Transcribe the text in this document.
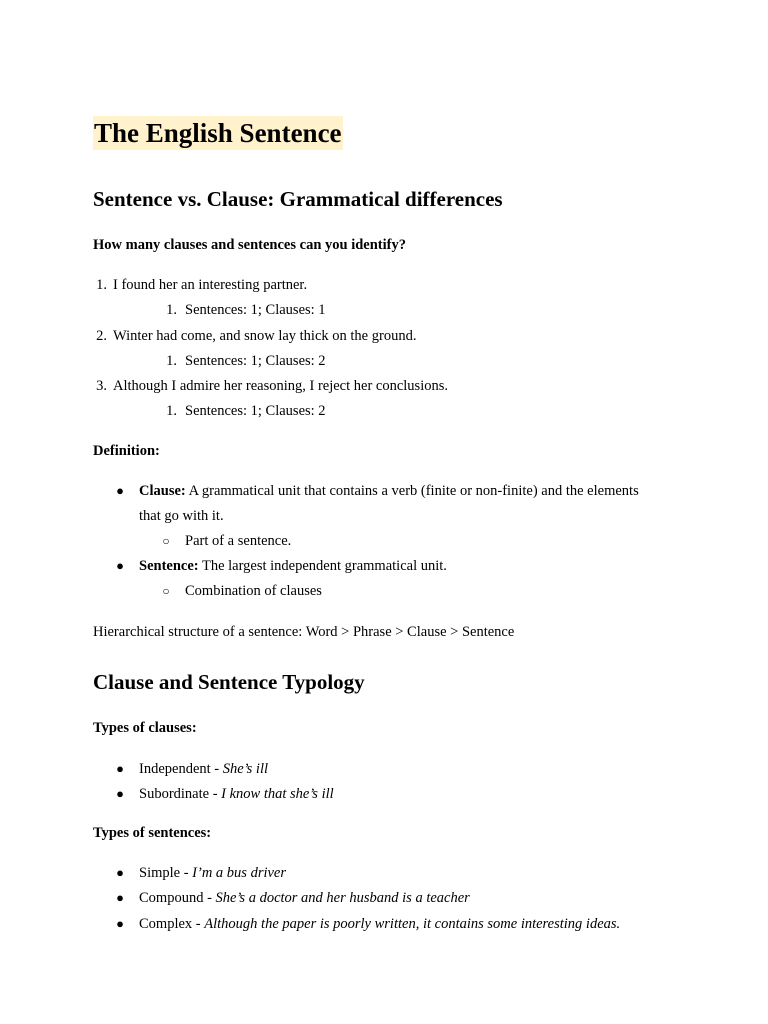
The English Sentence
Sentence vs. Clause: Grammatical differences

How many clauses and sentences can you identify?

1. I found her an interesting partner.
1. Sentences: 1; Clauses: 1
2. Winter had come, and snow lay thick on the ground.
1. Sentences: 1; Clauses: 2
3. Although I admire her reasoning, I reject her conclusions.
1. Sentences: 1; Clauses: 2

Definition:

● Clause: A grammatical unit that contains a verb (finite or non-finite) and the elements
that go with it.
○ Part of a sentence.
● Sentence: The largest independent grammatical unit.
○ Combination of clauses

Hierarchical structure of a sentence: Word > Phrase > Clause > Sentence

Clause and Sentence Typology

Types of clauses:

● Independent - She’s ill
● Subordinate - I know that she’s ill

Types of sentences:

● Simple - I’m a bus driver
● Compound - She’s a doctor and her husband is a teacher
● Complex - Although the paper is poorly written, it contains some interesting ideas.
